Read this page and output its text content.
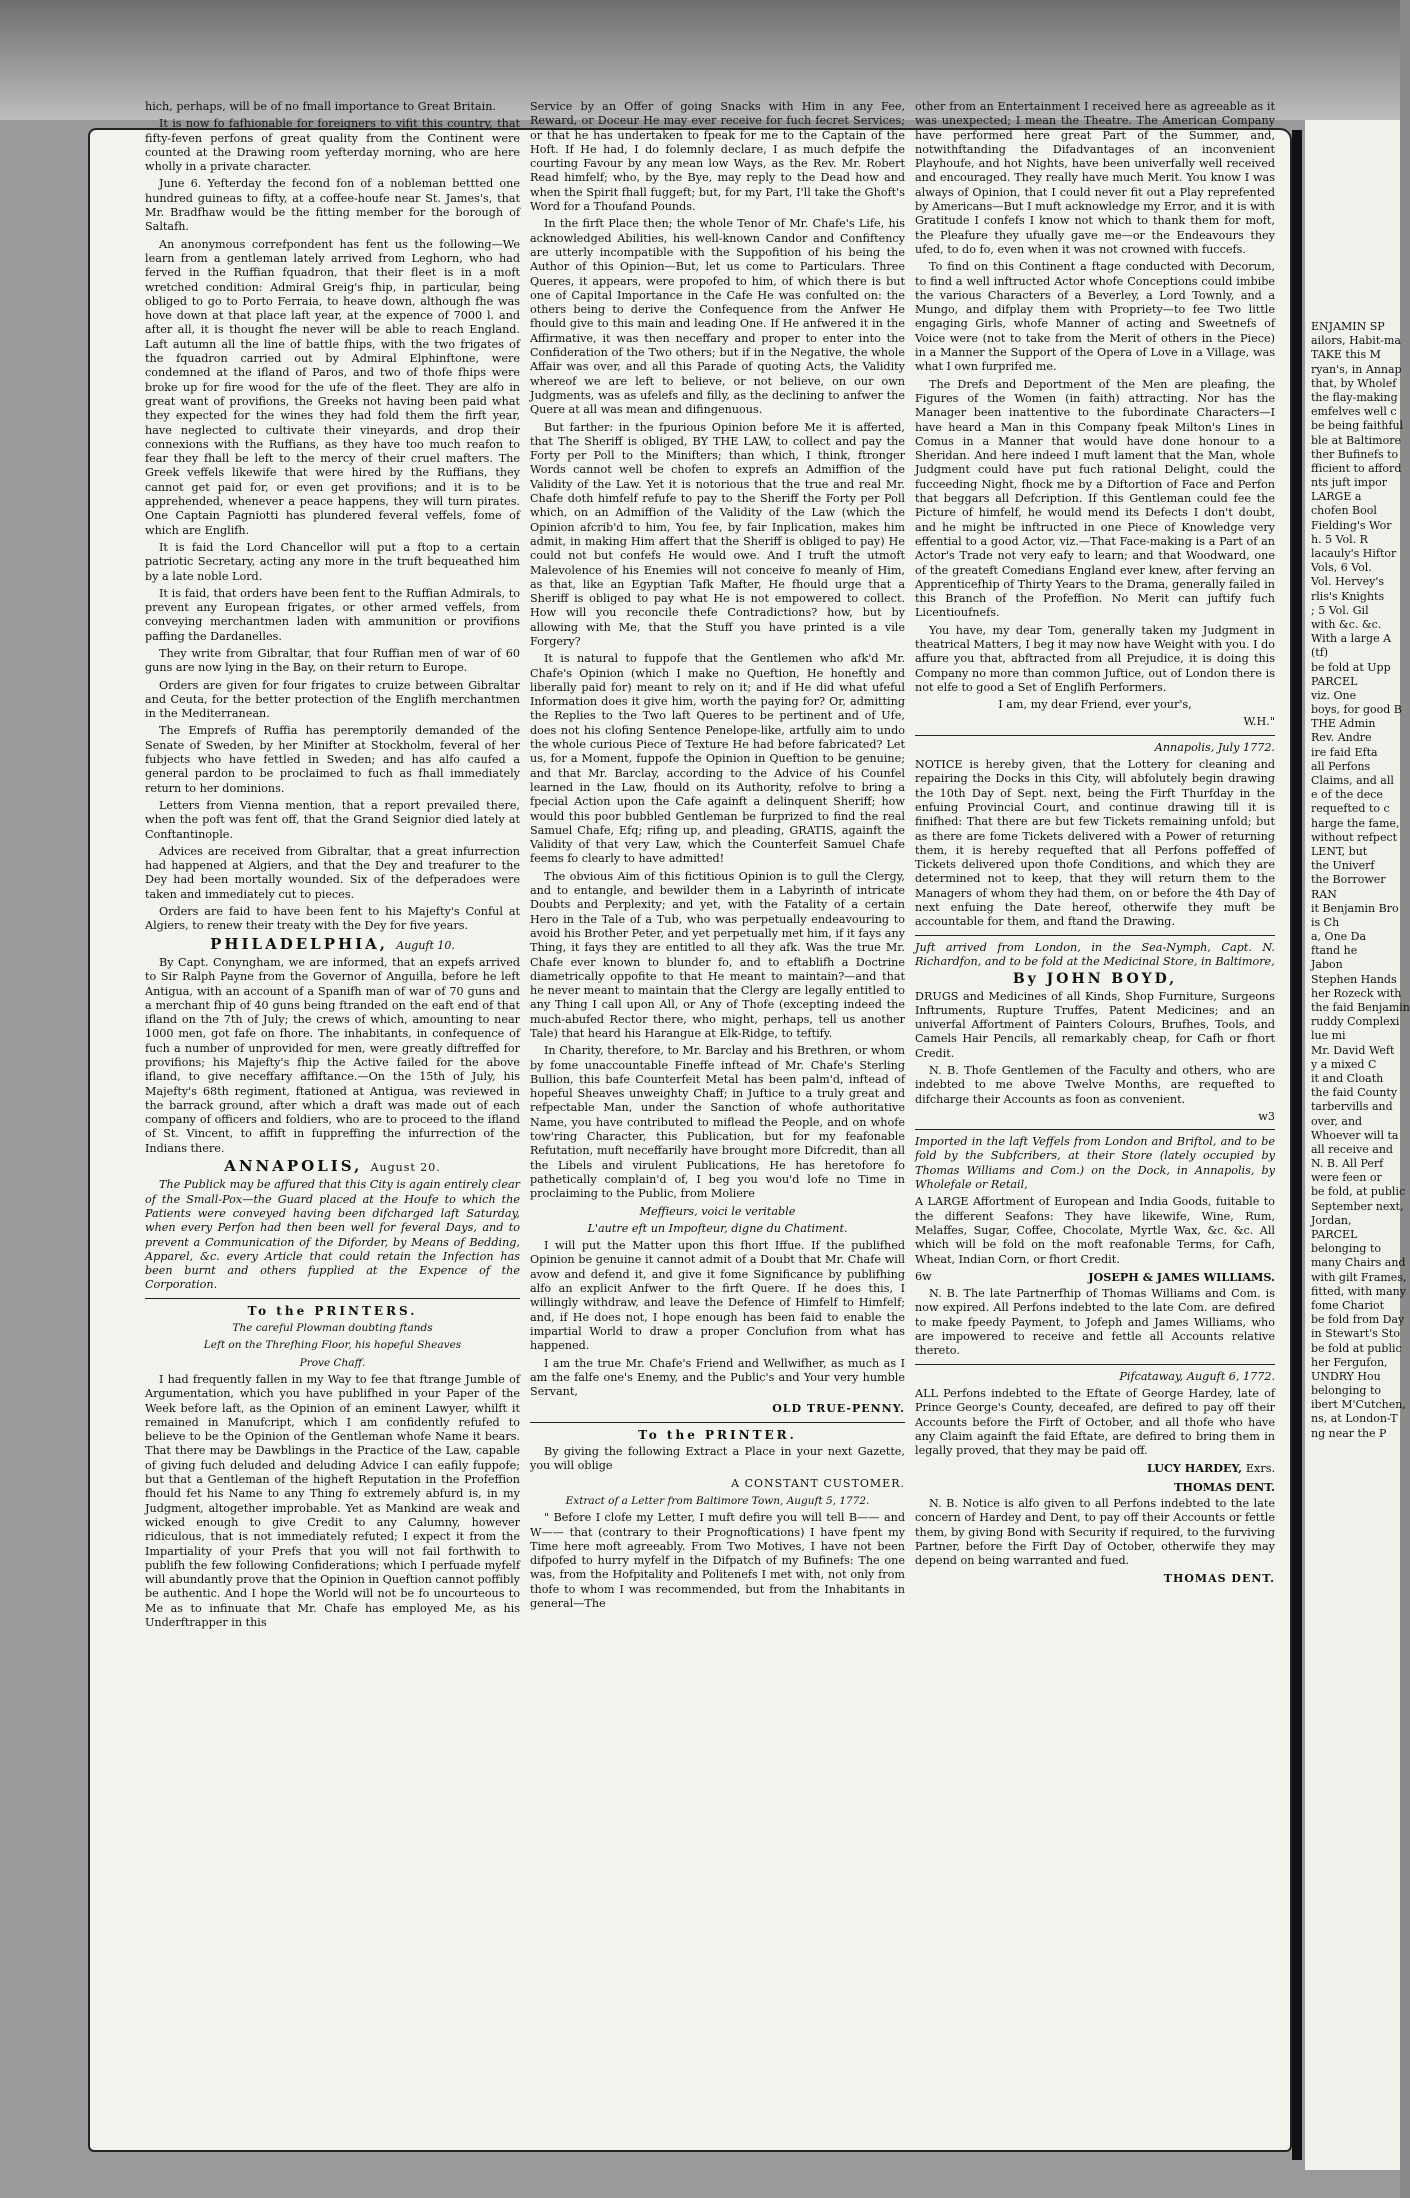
ENJAMIN SP
ailors, Habit-ma
TAKE this M
ryan's, in Annap
that, by Wholef
the flay-making
emfelves well c
be being faithful
ble at Baltimore
ther Bufinefs to
fficient to afford
nts juft impor
LARGE a
chofen Bool
Fielding's Wor
h. 5 Vol. R
lacauly's Hiftor
Vols, 6 Vol.
Vol. Hervey's
rlis's Knights
; 5 Vol. Gil
with &c. &c.
With a large A
(tf)
be fold at Upp
PARCEL
viz. One
boys, for good B
THE Admin
Rev. Andre
ire faid Efta
all Perfons
Claims, and all
e of the dece
requefted to c
harge the fame,
without refpect
LENT, but
the Univerf
the Borrower
RAN
it Benjamin Bro
is Ch
a, One Da
ftand he
Jabon
Stephen Hands
her Rozeck with
the faid Benjamin
ruddy Complexi
lue mi
Mr. David Weft
y a mixed C
it and Cloath
the faid County
tarbervills and
over, and
Whoever will ta
all receive and
N. B. All Perf
were feen or
be fold, at public
September next,
Jordan,
PARCEL
belonging to
many Chairs and
with gilt Frames,
fitted, with many
fome Chariot
be fold from Day
in Stewart's Sto
be fold at public
her Fergufon,
UNDRY Hou
belonging to
ibert M'Cutchen,
ns, at London-T
ng near the P

hich, perhaps, will be of no fmall importance to Great Britain.

It is now fo fafhionable for foreigners to vifit this country, that fifty-feven perfons of great quality from the Continent were counted at the Drawing room yefterday morning, who are here wholly in a private character.

June 6. Yefterday the fecond fon of a nobleman bettted one hundred guineas to fifty, at a coffee-houfe near St. James's, that Mr. Bradfhaw would be the fitting member for the borough of Saltafh.

An anonymous correfpondent has fent us the following—We learn from a gentleman lately arrived from Leghorn, who had ferved in the Ruffian fquadron, that their fleet is in a moft wretched condition: Admiral Greig's fhip, in particular, being obliged to go to Porto Ferraia, to heave down, although fhe was hove down at that place laft year, at the expence of 7000 l. and after all, it is thought fhe never will be able to reach England. Laft autumn all the line of battle fhips, with the two frigates of the fquadron carried out by Admiral Elphinftone, were condemned at the ifland of Paros, and two of thofe fhips were broke up for fire wood for the ufe of the fleet. They are alfo in great want of provifions, the Greeks not having been paid what they expected for the wines they had fold them the firft year, have neglected to cultivate their vineyards, and drop their connexions with the Ruffians, as they have too much reafon to fear they fhall be left to the mercy of their cruel mafters. The Greek veffels likewife that were hired by the Ruffians, they cannot get paid for, or even get provifions; and it is to be apprehended, whenever a peace happens, they will turn pirates. One Captain Pagniotti has plundered feveral veffels, fome of which are Englifh.

It is faid the Lord Chancellor will put a ftop to a certain patriotic Secretary, acting any more in the truft bequeathed him by a late noble Lord.

It is faid, that orders have been fent to the Ruffian Admirals, to prevent any European frigates, or other armed veffels, from conveying merchantmen laden with ammunition or provifions paffing the Dardanelles.

They write from Gibraltar, that four Ruffian men of war of 60 guns are now lying in the Bay, on their return to Europe.

Orders are given for four frigates to cruize between Gibraltar and Ceuta, for the better protection of the Englifh merchantmen in the Mediterranean.

The Emprefs of Ruffia has peremptorily demanded of the Senate of Sweden, by her Minifter at Stockholm, feveral of her fubjects who have fettled in Sweden; and has alfo caufed a general pardon to be proclaimed to fuch as fhall immediately return to her dominions.

Letters from Vienna mention, that a report prevailed there, when the poft was fent off, that the Grand Seignior died lately at Conftantinople.

Advices are received from Gibraltar, that a great infurrection had happened at Algiers, and that the Dey and treafurer to the Dey had been mortally wounded. Six of the defperadoes were taken and immediately cut to pieces.

Orders are faid to have been fent to his Majefty's Conful at Algiers, to renew their treaty with the Dey for five years.

PHILADELPHIA, Auguft 10.

By Capt. Conyngham, we are informed, that an expefs arrived to Sir Ralph Payne from the Governor of Anguilla, before he left Antigua, with an account of a Spanifh man of war of 70 guns and a merchant fhip of 40 guns being ftranded on the eaft end of that ifland on the 7th of July; the crews of which, amounting to near 1000 men, got fafe on fhore. The inhabitants, in confequence of fuch a number of unprovided for men, were greatly diftreffed for provifions; his Majefty's fhip the Active failed for the above ifland, to give neceffary affiftance.—On the 15th of July, his Majefty's 68th regiment, ftationed at Antigua, was reviewed in the barrack ground, after which a draft was made out of each company of officers and foldiers, who are to proceed to the ifland of St. Vincent, to affift in fuppreffing the infurrection of the Indians there.

ANNAPOLIS, August 20.

The Publick may be affured that this City is again entirely clear of the Small-Pox—the Guard placed at the Houfe to which the Patients were conveyed having been difcharged laft Saturday, when every Perfon had then been well for feveral Days, and to prevent a Communication of the Diforder, by Means of Bedding, Apparel, &c. every Article that could retain the Infection has been burnt and others fupplied at the Expence of the Corporation.

To the PRINTERS.

The careful Plowman doubting ftands

Left on the Threfhing Floor, his hopeful Sheaves

Prove Chaff.

I had frequently fallen in my Way to fee that ftrange Jumble of Argumentation, which you have publifhed in your Paper of the Week before laft, as the Opinion of an eminent Lawyer, whilft it remained in Manufcript, which I am confidently refufed to believe to be the Opinion of the Gentleman whofe Name it bears. That there may be Dawblings in the Practice of the Law, capable of giving fuch deluded and deluding Advice I can eafily fuppofe; but that a Gentleman of the higheft Reputation in the Profeffion fhould fet his Name to any Thing fo extremely abfurd is, in my Judgment, altogether improbable. Yet as Mankind are weak and wicked enough to give Credit to any Calumny, however ridiculous, that is not immediately refuted; I expect it from the Impartiality of your Prefs that you will not fail forthwith to publifh the few following Confiderations; which I perfuade myfelf will abundantly prove that the Opinion in Queftion cannot poffibly be authentic. And I hope the World will not be fo uncourteous to Me as to infinuate that Mr. Chafe has employed Me, as his Underftrapper in this

Service by an Offer of going Snacks with Him in any Fee, Reward, or Doceur He may ever receive for fuch fecret Services; or that he has undertaken to fpeak for me to the Captain of the Hoft. If He had, I do folemnly declare, I as much defpife the courting Favour by any mean low Ways, as the Rev. Mr. Robert Read himfelf; who, by the Bye, may reply to the Dead how and when the Spirit fhall fuggeft; but, for my Part, I'll take the Ghoft's Word for a Thoufand Pounds.

In the firft Place then; the whole Tenor of Mr. Chafe's Life, his acknowledged Abilities, his well-known Candor and Confiftency are utterly incompatible with the Suppofition of his being the Author of this Opinion—But, let us come to Particulars. Three Queres, it appears, were propofed to him, of which there is but one of Capital Importance in the Cafe He was confulted on: the others being to derive the Confequence from the Anfwer He fhould give to this main and leading One. If He anfwered it in the Affirmative, it was then neceffary and proper to enter into the Confideration of the Two others; but if in the Negative, the whole Affair was over, and all this Parade of quoting Acts, the Validity whereof we are left to believe, or not believe, on our own Judgments, was as ufelefs and filly, as the declining to anfwer the Quere at all was mean and difingenuous.

But farther: in the fpurious Opinion before Me it is afferted, that The Sheriff is obliged, BY THE LAW, to collect and pay the Forty per Poll to the Minifters; than which, I think, ftronger Words cannot well be chofen to exprefs an Admiffion of the Validity of the Law. Yet it is notorious that the true and real Mr. Chafe doth himfelf refufe to pay to the Sheriff the Forty per Poll which, on an Admiffion of the Validity of the Law (which the Opinion afcrib'd to him, You fee, by fair Inplication, makes him admit, in making Him affert that the Sheriff is obliged to pay) He could not but confefs He would owe. And I truft the utmoft Malevolence of his Enemies will not conceive fo meanly of Him, as that, like an Egyptian Tafk Mafter, He fhould urge that a Sheriff is obliged to pay what He is not empowered to collect. How will you reconcile thefe Contradictions? how, but by allowing with Me, that the Stuff you have printed is a vile Forgery?

It is natural to fuppofe that the Gentlemen who afk'd Mr. Chafe's Opinion (which I make no Queftion, He honeftly and liberally paid for) meant to rely on it; and if He did what ufeful Information does it give him, worth the paying for? Or, admitting the Replies to the Two laft Queres to be pertinent and of Ufe, does not his clofing Sentence Penelope-like, artfully aim to undo the whole curious Piece of Texture He had before fabricated? Let us, for a Moment, fuppofe the Opinion in Queftion to be genuine; and that Mr. Barclay, according to the Advice of his Counfel learned in the Law, fhould on its Authority, refolve to bring a fpecial Action upon the Cafe againft a delinquent Sheriff; how would this poor bubbled Gentleman be furprized to find the real Samuel Chafe, Efq; rifing up, and pleading, GRATIS, againft the Validity of that very Law, which the Counterfeit Samuel Chafe feems fo clearly to have admitted!

The obvious Aim of this fictitious Opinion is to gull the Clergy, and to entangle, and bewilder them in a Labyrinth of intricate Doubts and Perplexity; and yet, with the Fatality of a certain Hero in the Tale of a Tub, who was perpetually endeavouring to avoid his Brother Peter, and yet perpetually met him, if it fays any Thing, it fays they are entitled to all they afk. Was the true Mr. Chafe ever known to blunder fo, and to eftablifh a Doctrine diametrically oppofite to that He meant to maintain?—and that he never meant to maintain that the Clergy are legally entitled to any Thing I call upon All, or Any of Thofe (excepting indeed the much-abufed Rector there, who might, perhaps, tell us another Tale) that heard his Harangue at Elk-Ridge, to teftify.

In Charity, therefore, to Mr. Barclay and his Brethren, or whom by fome unaccountable Fineffe inftead of Mr. Chafe's Sterling Bullion, this bafe Counterfeit Metal has been palm'd, inftead of hopeful Sheaves unweighty Chaff; in Juftice to a truly great and refpectable Man, under the Sanction of whofe authoritative Name, you have contributed to miflead the People, and on whofe tow'ring Character, this Publication, but for my feafonable Refutation, muft neceffarily have brought more Difcredit, than all the Libels and virulent Publications, He has heretofore fo pathetically complain'd of, I beg you wou'd lofe no Time in proclaiming to the Public, from Moliere

Meffieurs, voici le veritable

L'autre eft un Impofteur, digne du Chatiment.

I will put the Matter upon this fhort Iffue. If the publifhed Opinion be genuine it cannot admit of a Doubt that Mr. Chafe will avow and defend it, and give it fome Significance by publifhing alfo an explicit Anfwer to the firft Quere. If he does this, I willingly withdraw, and leave the Defence of Himfelf to Himfelf; and, if He does not, I hope enough has been faid to enable the impartial World to draw a proper Conclufion from what has happened.

I am the true Mr. Chafe's Friend and Wellwifher, as much as I am the falfe one's Enemy, and the Public's and Your very humble Servant,

OLD TRUE-PENNY.

To the PRINTER.

By giving the following Extract a Place in your next Gazette, you will oblige

A CONSTANT CUSTOMER.

Extract of a Letter from Baltimore Town, Auguft 5, 1772.

" Before I clofe my Letter, I muft defire you will tell B—— and W—— that (contrary to their Prognoftications) I have fpent my Time here moft agreeably. From Two Motives, I have not been difpofed to hurry myfelf in the Difpatch of my Bufinefs: The one was, from the Hofpitality and Politenefs I met with, not only from thofe to whom I was recommended, but from the Inhabitants in general—The

other from an Entertainment I received here as agreeable as it was unexpected; I mean the Theatre. The American Company have performed here great Part of the Summer, and, notwithftanding the Difadvantages of an inconvenient Playhoufe, and hot Nights, have been univerfally well received and encouraged. They really have much Merit. You know I was always of Opinion, that I could never fit out a Play reprefented by Americans—But I muft acknowledge my Error, and it is with Gratitude I confefs I know not which to thank them for moft, the Pleafure they ufually gave me—or the Endeavours they ufed, to do fo, even when it was not crowned with fuccefs.

To find on this Continent a ftage conducted with Decorum, to find a well inftructed Actor whofe Conceptions could imbibe the various Characters of a Beverley, a Lord Townly, and a Mungo, and difplay them with Propriety—to fee Two little engaging Girls, whofe Manner of acting and Sweetnefs of Voice were (not to take from the Merit of others in the Piece) in a Manner the Support of the Opera of Love in a Village, was what I own furprifed me.

The Drefs and Deportment of the Men are pleafing, the Figures of the Women (in faith) attracting. Nor has the Manager been inattentive to the fubordinate Characters—I have heard a Man in this Company fpeak Milton's Lines in Comus in a Manner that would have done honour to a Sheridan. And here indeed I muft lament that the Man, whole Judgment could have put fuch rational Delight, could the fucceeding Night, fhock me by a Diftortion of Face and Perfon that beggars all Defcription. If this Gentleman could fee the Picture of himfelf, he would mend its Defects I don't doubt, and he might be inftructed in one Piece of Knowledge very effential to a good Actor, viz.—That Face-making is a Part of an Actor's Trade not very eafy to learn; and that Woodward, one of the greateft Comedians England ever knew, after ferving an Apprenticefhip of Thirty Years to the Drama, generally failed in this Branch of the Profeffion. No Merit can juftify fuch Licentioufnefs.

You have, my dear Tom, generally taken my Judgment in theatrical Matters, I beg it may now have Weight with you. I do affure you that, abftracted from all Prejudice, it is doing this Company no more than common Juftice, out of London there is not elfe to good a Set of Englifh Performers.

I am, my dear Friend, ever your's,

W.H."

Annapolis, July 1772.

NOTICE is hereby given, that the Lottery for cleaning and repairing the Docks in this City, will abfolutely begin drawing the 10th Day of Sept. next, being the Firft Thurfday in the enfuing Provincial Court, and continue drawing till it is finifhed: That there are but few Tickets remaining unfold; but as there are fome Tickets delivered with a Power of returning them, it is hereby requefted that all Perfons poffeffed of Tickets delivered upon thofe Conditions, and which they are determined not to keep, that they will return them to the Managers of whom they had them, on or before the 4th Day of next enfuing the Date hereof, otherwife they muft be accountable for them, and ftand the Drawing.

Juft arrived from London, in the Sea-Nymph, Capt. N. Richardfon, and to be fold at the Medicinal Store, in Baltimore,

By JOHN BOYD,

DRUGS and Medicines of all Kinds, Shop Furniture, Surgeons Inftruments, Rupture Truffes, Patent Medicines; and an univerfal Affortment of Painters Colours, Brufhes, Tools, and Camels Hair Pencils, all remarkably cheap, for Cafh or fhort Credit.

N. B. Thofe Gentlemen of the Faculty and others, who are indebted to me above Twelve Months, are requefted to difcharge their Accounts as foon as convenient.

w3

Imported in the laft Veffels from London and Briftol, and to be fold by the Subfcribers, at their Store (lately occupied by Thomas Williams and Com.) on the Dock, in Annapolis, by Wholefale or Retail,

A LARGE Affortment of European and India Goods, fuitable to the different Seafons: They have likewife, Wine, Rum, Melaffes, Sugar, Coffee, Chocolate, Myrtle Wax, &c. &c. All which will be fold on the moft reafonable Terms, for Cafh, Wheat, Indian Corn, or fhort Credit.

6w	JOSEPH & JAMES WILLIAMS.

N. B. The late Partnerfhip of Thomas Williams and Com. is now expired. All Perfons indebted to the late Com. are defired to make fpeedy Payment, to Jofeph and James Williams, who are impowered to receive and fettle all Accounts relative thereto.

Pifcataway, Auguft 6, 1772.

ALL Perfons indebted to the Eftate of George Hardey, late of Prince George's County, deceafed, are defired to pay off their Accounts before the Firft of October, and all thofe who have any Claim againft the faid Eftate, are defired to bring them in legally proved, that they may be paid off.

LUCY HARDEY, Exrs.

THOMAS DENT.

N. B. Notice is alfo given to all Perfons indebted to the late concern of Hardey and Dent, to pay off their Accounts or fettle them, by giving Bond with Security if required, to the furviving Partner, before the Firft Day of October, otherwife they may depend on being warranted and fued.

THOMAS DENT.
